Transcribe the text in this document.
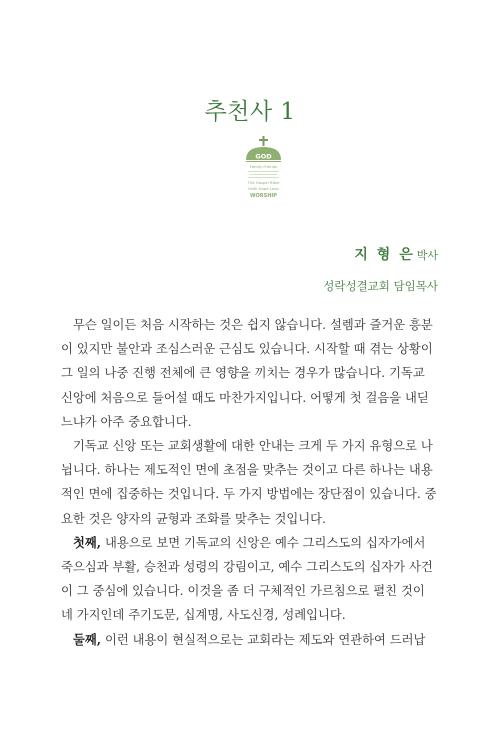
추천사 1
GOD
Family Friends
The Gospel Bible
Faith Hope Love
WORSHIP
지 형 은 박사
성락성결교회 담임목사
무슨 일이든 처음 시작하는 것은 쉽지 않습니다. 설렘과 즐거운 흥분
이 있지만 불안과 조심스러운 근심도 있습니다. 시작할 때 겪는 상황이
그 일의 나중 진행 전체에 큰 영향을 끼치는 경우가 많습니다. 기독교
신앙에 처음으로 들어설 때도 마찬가지입니다. 어떻게 첫 걸음을 내딛
느냐가 아주 중요합니다.
기독교 신앙 또는 교회생활에 대한 안내는 크게 두 가지 유형으로 나
뉩니다. 하나는 제도적인 면에 초점을 맞추는 것이고 다른 하나는 내용
적인 면에 집중하는 것입니다. 두 가지 방법에는 장단점이 있습니다. 중
요한 것은 양자의 균형과 조화를 맞추는 것입니다.
첫째, 내용으로 보면 기독교의 신앙은 예수 그리스도의 십자가에서
죽으심과 부활, 승천과 성령의 강림이고, 예수 그리스도의 십자가 사건
이 그 중심에 있습니다. 이것을 좀 더 구체적인 가르침으로 펼친 것이
네 가지인데 주기도문, 십계명, 사도신경, 성례입니다.
둘째, 이런 내용이 현실적으로는 교회라는 제도와 연관하여 드러납
